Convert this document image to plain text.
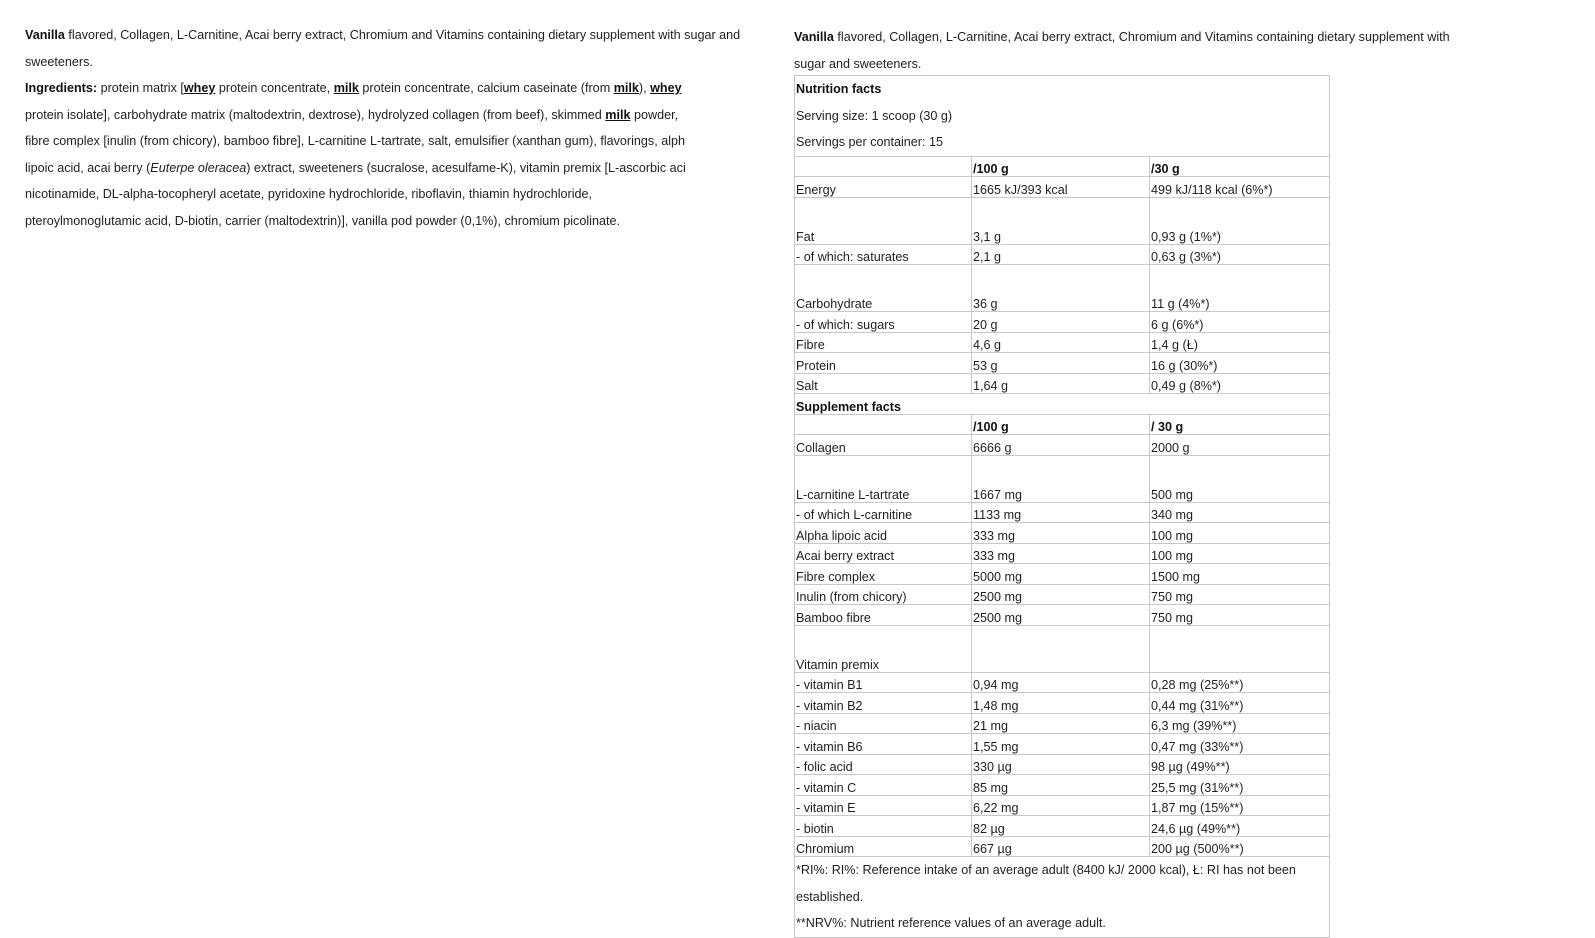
Vanilla flavored, Collagen, L-Carnitine, Acai berry extract, Chromium and Vitamins containing dietary supplement with sugar and sweeteners.

Ingredients: protein matrix [whey protein concentrate, milk protein concentrate, calcium caseinate (from milk), whey
protein isolate], carbohydrate matrix (maltodextrin, dextrose), hydrolyzed collagen (from beef), skimmed milk powder,
fibre complex [inulin (from chicory), bamboo fibre], L-carnitine L-tartrate, salt, emulsifier (xanthan gum), flavorings, alph
lipoic acid, acai berry (Euterpe oleracea) extract, sweeteners (sucralose, acesulfame-K), vitamin premix [L-ascorbic aci
nicotinamide, DL-alpha-tocopheryl acetate, pyridoxine hydrochloride, riboflavin, thiamin hydrochloride,
pteroylmonoglutamic acid, D-biotin, carrier (maltodextrin)], vanilla pod powder (0,1%), chromium picolinate.

Vanilla flavored, Collagen, L-Carnitine, Acai berry extract, Chromium and Vitamins containing dietary supplement with
sugar and sweeteners.

Nutrition facts
Serving size: 1 scoop (30 g)
Servings per container: 15		

	/100 g	/30 g
Energy	1665 kJ/393 kcal	499 kJ/118 kcal (6%*)
Fat	3,1 g	0,93 g (1%*)
- of which: saturates	2,1 g	0,63 g (3%*)
Carbohydrate	36 g	11 g (4%*)
- of which: sugars	20 g	6 g (6%*)
Fibre	4,6 g	1,4 g (Ł)
Protein	53 g	16 g (30%*)
Salt	1,64 g	0,49 g (8%*)
Supplement facts		
	/100 g	/ 30 g
Collagen	6666 g	2000 g
L-carnitine L-tartrate	1667 mg	500 mg
- of which L-carnitine	1133 mg	340 mg
Alpha lipoic acid	333 mg	100 mg
Acai berry extract	333 mg	100 mg
Fibre complex	5000 mg	1500 mg
Inulin (from chicory)	2500 mg	750 mg
Bamboo fibre	2500 mg	750 mg
Vitamin premix		
- vitamin B1	0,94 mg	0,28 mg (25%**)
- vitamin B2	1,48 mg	0,44 mg (31%**)
- niacin	21 mg	6,3 mg (39%**)
- vitamin B6	1,55 mg	0,47 mg (33%**)
- folic acid	330 µg	98 µg (49%**)
- vitamin C	85 mg	25,5 mg (31%**)
- vitamin E	6,22 mg	1,87 mg (15%**)
- biotin	82 µg	24,6 µg (49%**)
Chromium	667 µg	200 µg (500%**)

*RI%: RI%: Reference intake of an average adult (8400 kJ/ 2000 kcal), Ł: RI has not been established.
**NRV%: Nutrient reference values of an average adult.		
